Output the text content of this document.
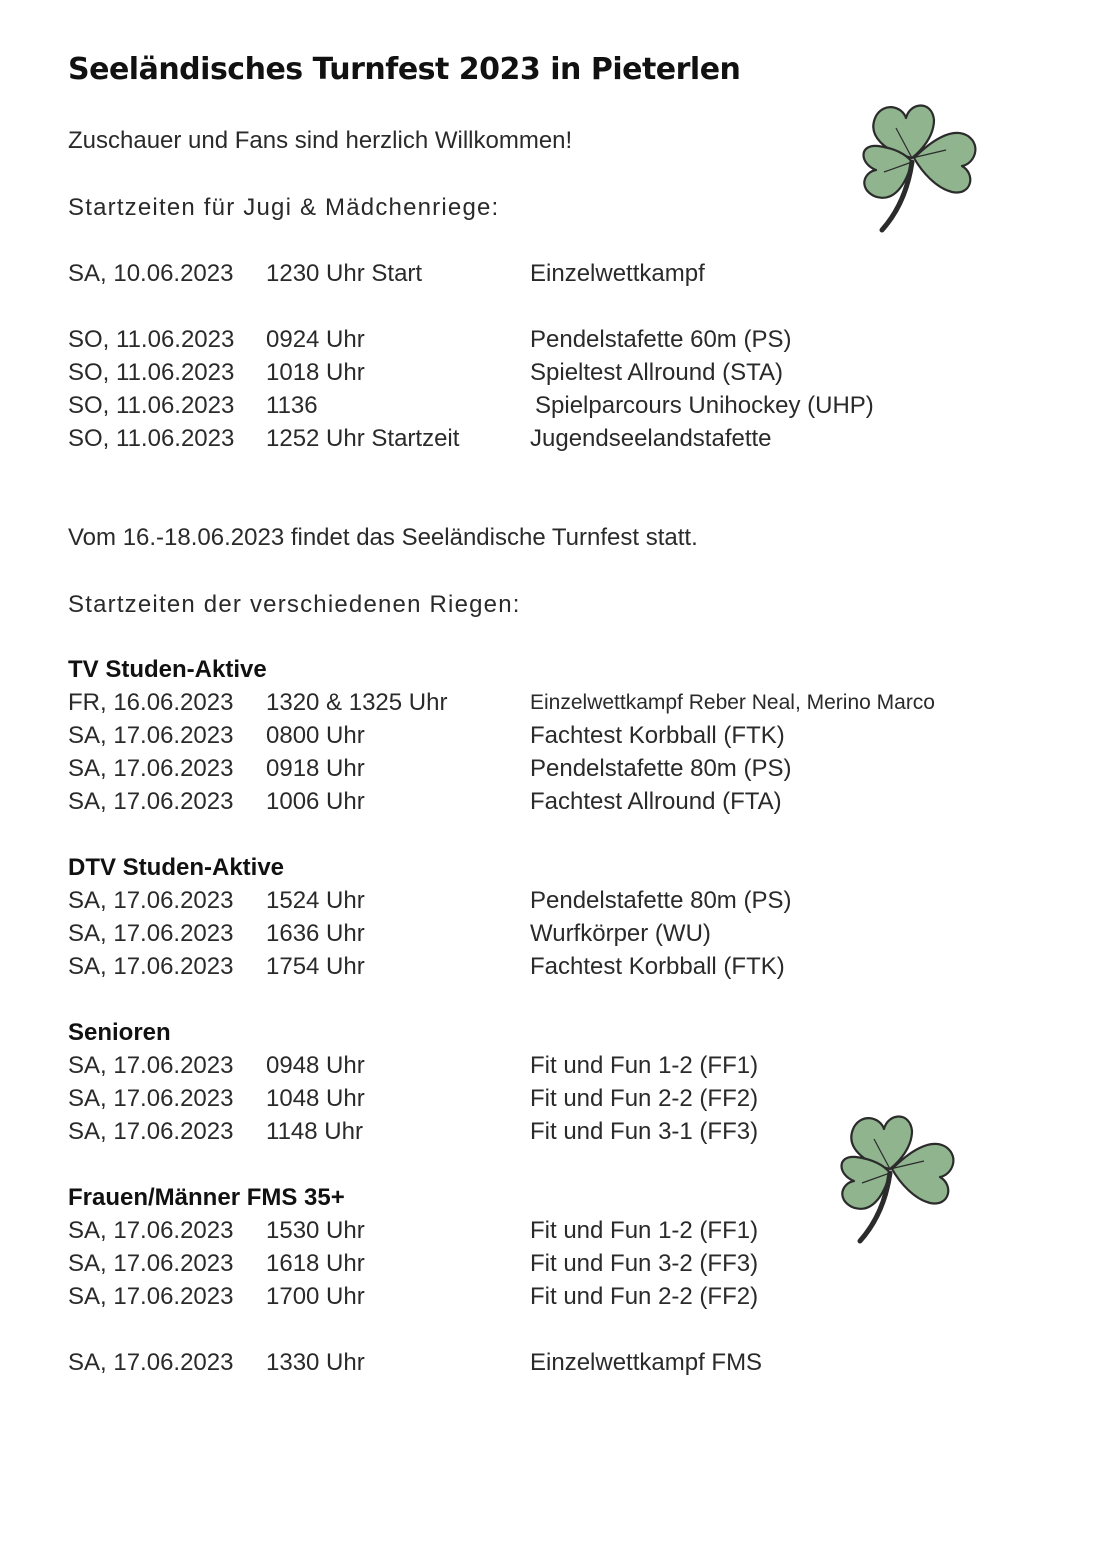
Seeländisches Turnfest 2023 in Pieterlen
Zuschauer und Fans sind herzlich Willkommen!
Startzeiten für Jugi & Mädchenriege:
SA, 10.06.2023 1230 Uhr Start	Einzelwettkampf
SO, 11.06.2023 0924 Uhr	Pendelstafette 60m (PS)
SO, 11.06.2023 1018 Uhr	Spieltest Allround (STA)
SO, 11.06.2023 1136	Spielparcours Unihockey (UHP)
SO, 11.06.2023 1252 Uhr Startzeit	Jugendseelandstafette
Vom 16.-18.06.2023 findet das Seeländische Turnfest statt.
Startzeiten der verschiedenen Riegen:
TV Studen-Aktive
FR, 16.06.2023 1320 & 1325 Uhr	Einzelwettkampf Reber Neal, Merino Marco
SA, 17.06.2023 0800 Uhr	Fachtest Korbball (FTK)
SA, 17.06.2023 0918 Uhr	Pendelstafette 80m (PS)
SA, 17.06.2023 1006 Uhr	Fachtest Allround (FTA)
DTV Studen-Aktive
SA, 17.06.2023 1524 Uhr	Pendelstafette 80m (PS)
SA, 17.06.2023 1636 Uhr	Wurfkörper (WU)
SA, 17.06.2023 1754 Uhr	Fachtest Korbball (FTK)
Senioren
SA, 17.06.2023 0948 Uhr	Fit und Fun 1-2 (FF1)
SA, 17.06.2023 1048 Uhr	Fit und Fun 2-2 (FF2)
SA, 17.06.2023 1148 Uhr	Fit und Fun 3-1 (FF3)
Frauen/Männer FMS 35+
SA, 17.06.2023 1530 Uhr	Fit und Fun 1-2 (FF1)
SA, 17.06.2023 1618 Uhr	Fit und Fun 3-2 (FF3)
SA, 17.06.2023 1700 Uhr	Fit und Fun 2-2 (FF2)
SA, 17.06.2023 1330 Uhr	Einzelwettkampf FMS
